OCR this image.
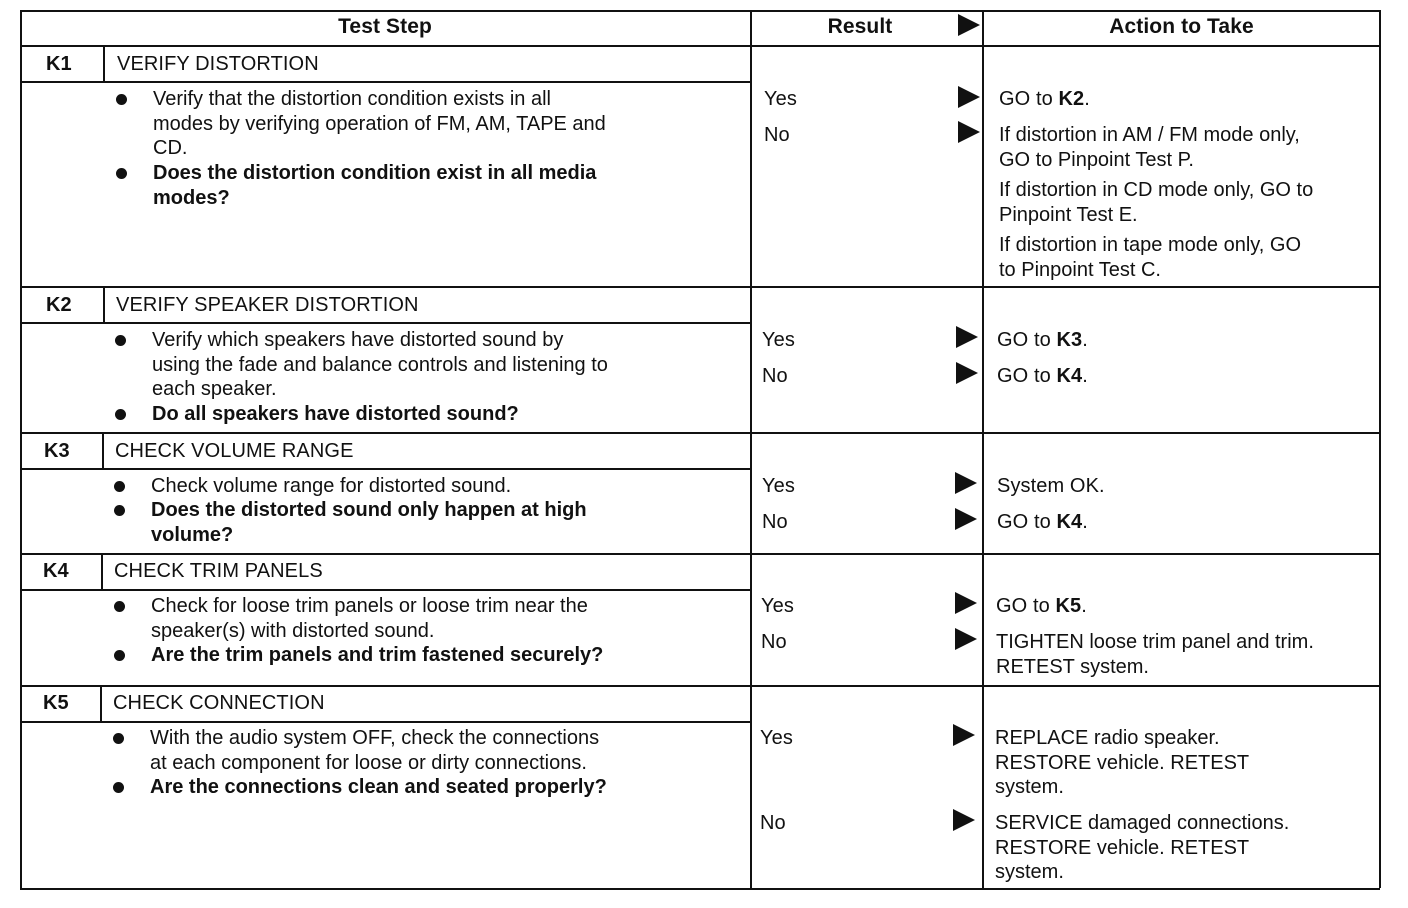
Test Step	Result	Action to Take
K1 VERIFY DISTORTION
Verify that the distortion condition exists in all
modes by verifying operation of FM, AM, TAPE and
CD.
Does the distortion condition exist in all media
modes?
Yes
No
GO to K2.
If distortion in AM / FM mode only,
GO to Pinpoint Test P.
If distortion in CD mode only, GO to
Pinpoint Test E.
If distortion in tape mode only, GO
to Pinpoint Test C.
K2 VERIFY SPEAKER DISTORTION
Verify which speakers have distorted sound by
using the fade and balance controls and listening to
each speaker.
Do all speakers have distorted sound?
Yes
No
GO to K3.
GO to K4.
K3 CHECK VOLUME RANGE
Check volume range for distorted sound.
Does the distorted sound only happen at high
volume?
Yes
No
System OK.
GO to K4.
K4 CHECK TRIM PANELS
Check for loose trim panels or loose trim near the
speaker(s) with distorted sound.
Are the trim panels and trim fastened securely?
Yes
No
GO to K5.
TIGHTEN loose trim panel and trim.
RETEST system.
K5 CHECK CONNECTION
With the audio system OFF, check the connections
at each component for loose or dirty connections.
Are the connections clean and seated properly?
Yes
No
REPLACE radio speaker.
RESTORE vehicle. RETEST
system.
SERVICE damaged connections.
RESTORE vehicle. RETEST
system.
